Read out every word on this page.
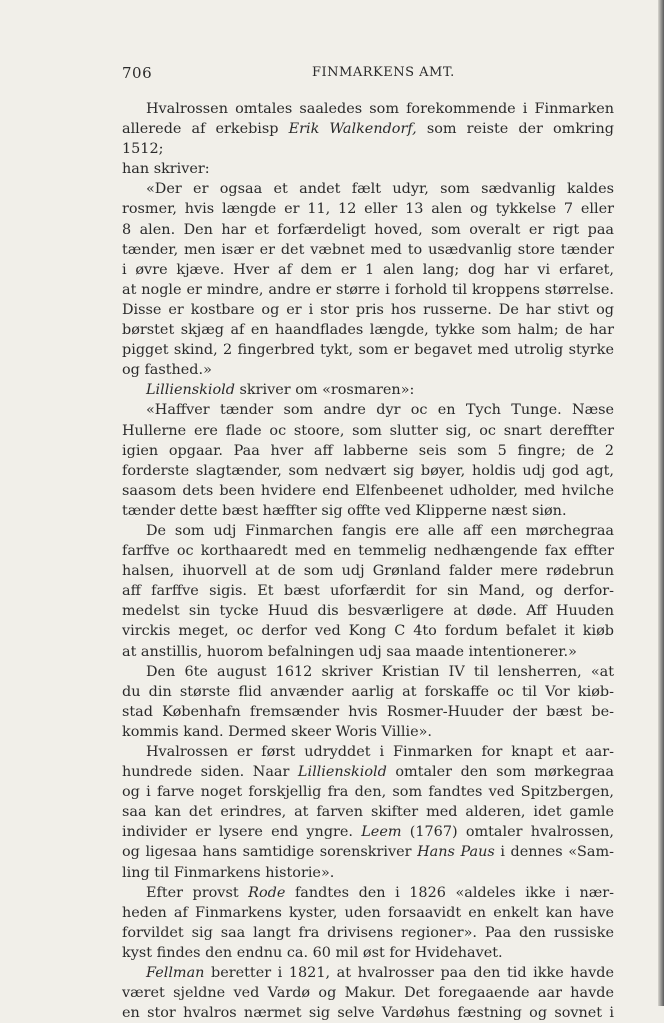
706	FINMARKENS AMT.

Hvalrossen omtales saaledes som forekommende i Finmarken

allerede af erkebisp Erik Walkendorf, som reiste der omkring 1512;

han skriver:

«Der er ogsaa et andet fælt udyr, som sædvanlig kaldes

rosmer, hvis længde er 11, 12 eller 13 alen og tykkelse 7 eller

8 alen. Den har et forfærdeligt hoved, som overalt er rigt paa

tænder, men især er det væbnet med to usædvanlig store tænder

i øvre kjæve. Hver af dem er 1 alen lang; dog har vi erfaret,

at nogle er mindre, andre er større i forhold til kroppens størrelse.

Disse er kostbare og er i stor pris hos russerne. De har stivt og

børstet skjæg af en haandflades længde, tykke som halm; de har

pigget skind, 2 fingerbred tykt, som er begavet med utrolig styrke

og fasthed.»

Lillienskiold skriver om «rosmaren»:

«Haffver tænder som andre dyr oc en Tych Tunge. Næse

Hullerne ere flade oc stoore, som slutter sig, oc snart dereffter

igien opgaar. Paa hver aff labberne seis som 5 fingre; de 2

forderste slagtænder, som nedvært sig bøyer, holdis udj god agt,

saasom dets been hvidere end Elfenbeenet udholder, med hvilche

tænder dette bæst hæffter sig offte ved Klipperne næst siøn.

De som udj Finmarchen fangis ere alle aff een mørchegraa

farffve oc korthaaredt med en temmelig nedhængende fax effter

halsen, ihuorvell at de som udj Grønland falder mere rødebrun

aff farffve sigis. Et bæst uforfærdit for sin Mand, og derfor-

medelst sin tycke Huud dis besværligere at døde. Aff Huuden

virckis meget, oc derfor ved Kong C 4to fordum befalet it kiøb

at anstillis, huorom befalningen udj saa maade intentionerer.»

Den 6te august 1612 skriver Kristian IV til lensherren, «at

du din største flid anvænder aarlig at forskaffe oc til Vor kiøb-

stad Københafn fremsænder hvis Rosmer-Huuder der bæst be-

kommis kand. Dermed skeer Woris Villie».

Hvalrossen er først udryddet i Finmarken for knapt et aar-

hundrede siden. Naar Lillienskiold omtaler den som mørkegraa

og i farve noget forskjellig fra den, som fandtes ved Spitzbergen,

saa kan det erindres, at farven skifter med alderen, idet gamle

individer er lysere end yngre. Leem (1767) omtaler hvalrossen,

og ligesaa hans samtidige sorenskriver Hans Paus i dennes «Sam-

ling til Finmarkens historie».

Efter provst Rode fandtes den i 1826 «aldeles ikke i nær-

heden af Finmarkens kyster, uden forsaavidt en enkelt kan have

forvildet sig saa langt fra drivisens regioner». Paa den russiske

kyst findes den endnu ca. 60 mil øst for Hvidehavet.

Fellman beretter i 1821, at hvalrosser paa den tid ikke havde

været sjeldne ved Vardø og Makur. Det foregaaende aar havde

en stor hvalros nærmet sig selve Vardøhus fæstning og sovnet i
